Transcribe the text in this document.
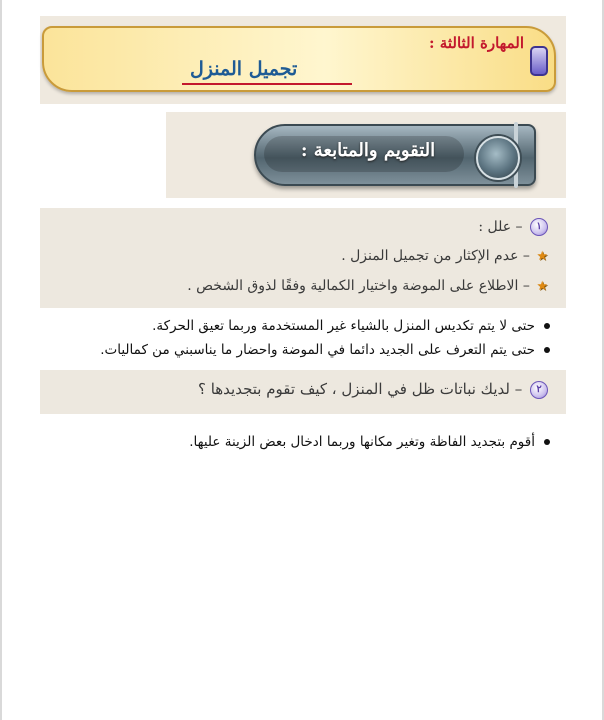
المهارة الثالثة :
تجميل المنزل
التقويم والمتابعة :
١ – علل :
★ – عدم الإكثار من تجميل المنزل .
★ – الاطلاع على الموضة واختيار الكمالية وفقًا لذوق الشخص .
حتى لا يتم تكديس المنزل بالشياء غير المستخدمة وربما تعيق الحركة.
حتى يتم التعرف على الجديد دائما في الموضة واحضار ما يناسبني من كماليات.
٢ – لديك نباتات ظل في المنزل ، كيف تقوم بتجديدها ؟
أقوم بتجديد الفاظة وتغير مكانها وربما ادخال بعض الزينة عليها.
